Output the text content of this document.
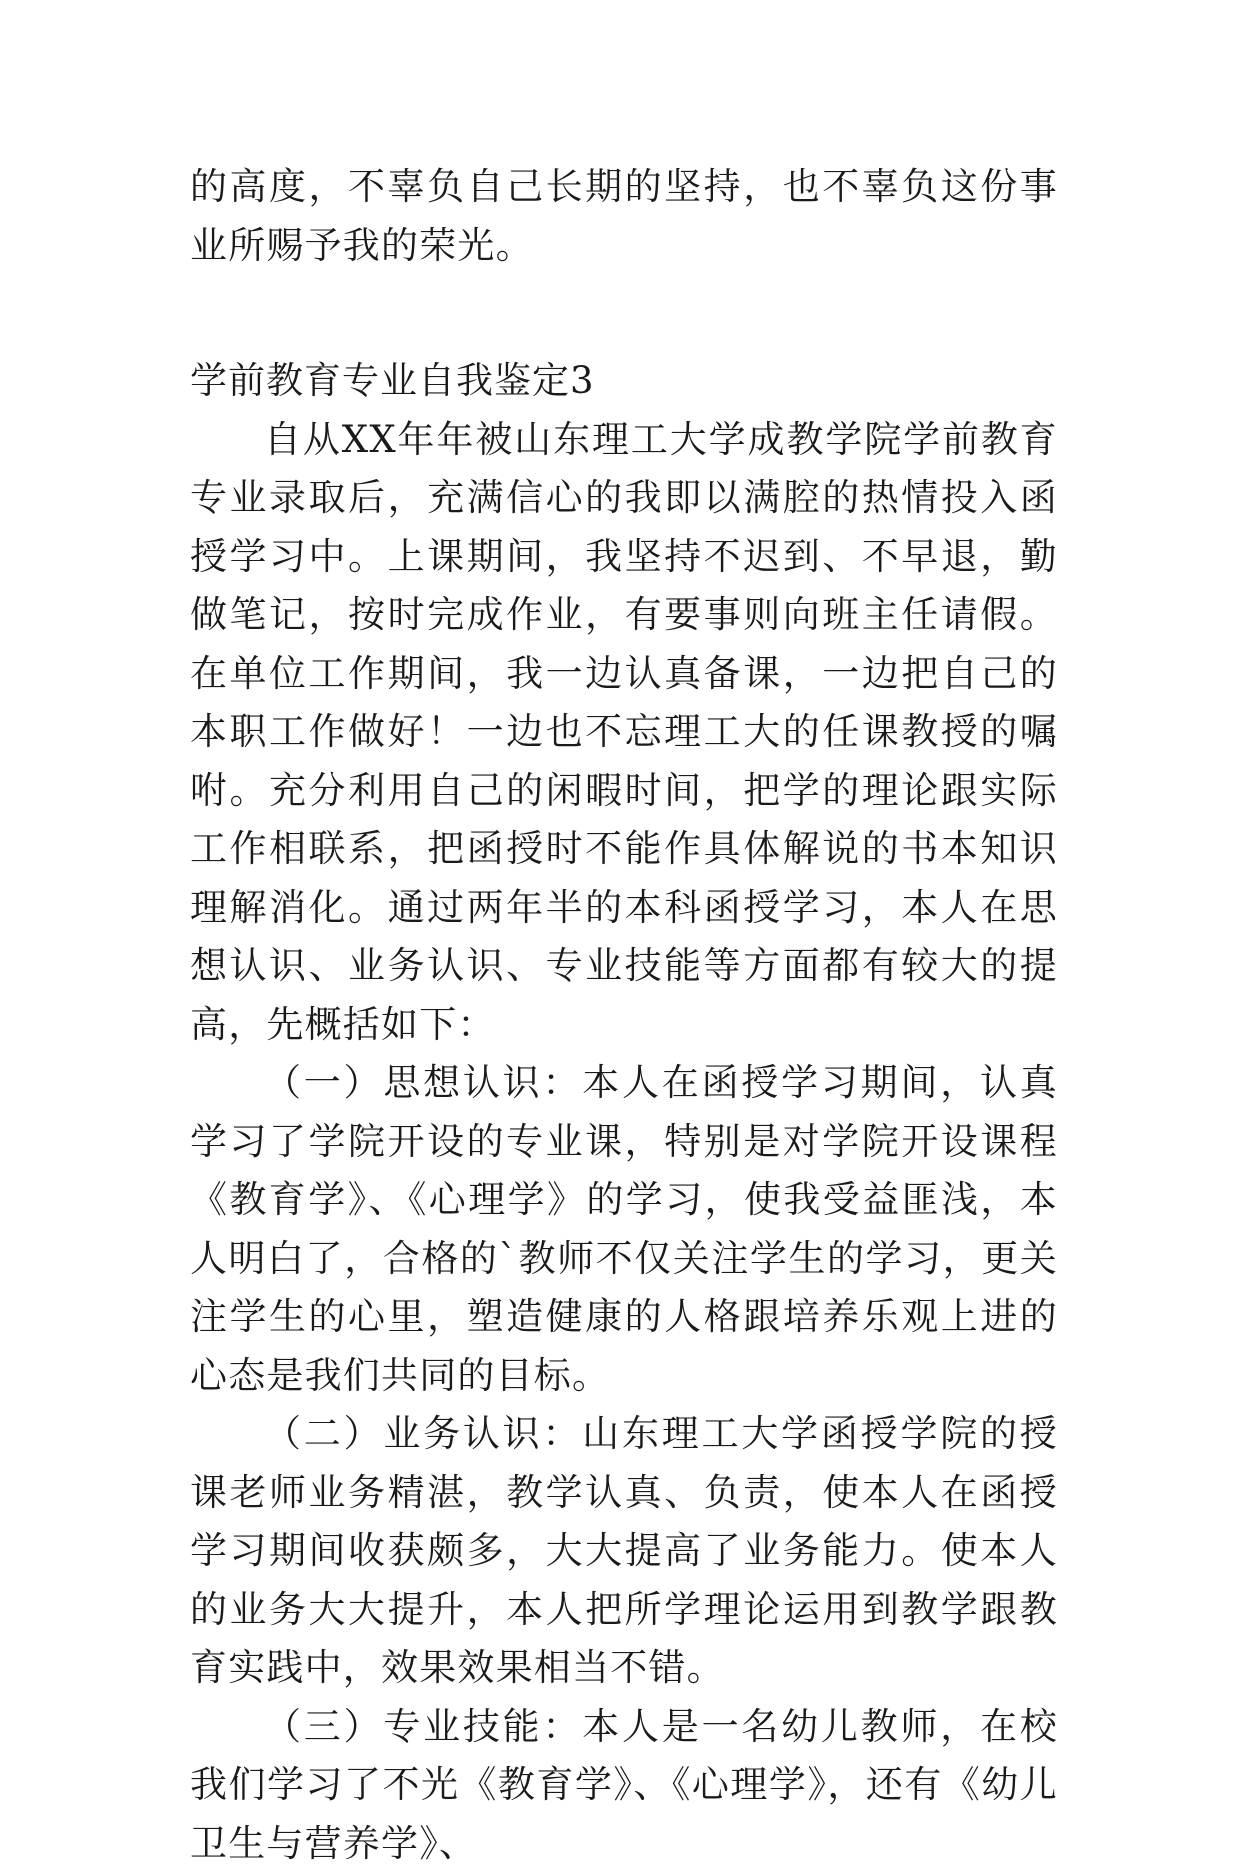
的高度，不辜负自己长期的坚持，也不辜负这份事业所赐予我的荣光。

学前教育专业自我鉴定3

自从XX年年被山东理工大学成教学院学前教育专业录取后，充满信心的我即以满腔的热情投入函授学习中。上课期间，我坚持不迟到、不早退，勤做笔记，按时完成作业，有要事则向班主任请假。在单位工作期间，我一边认真备课，一边把自己的本职工作做好！一边也不忘理工大的任课教授的嘱咐。充分利用自己的闲暇时间，把学的理论跟实际工作相联系，把函授时不能作具体解说的书本知识理解消化。通过两年半的本科函授学习，本人在思想认识、业务认识、专业技能等方面都有较大的提高，先概括如下：

（一）思想认识：本人在函授学习期间，认真学习了学院开设的专业课，特别是对学院开设课程《教育学》、《心理学》的学习，使我受益匪浅，本人明白了，合格的`教师不仅关注学生的学习，更关注学生的心里，塑造健康的人格跟培养乐观上进的心态是我们共同的目标。

（二）业务认识：山东理工大学函授学院的授课老师业务精湛，教学认真、负责，使本人在函授学习期间收获颇多，大大提高了业务能力。使本人的业务大大提升，本人把所学理论运用到教学跟教育实践中，效果效果相当不错。

（三）专业技能：本人是一名幼儿教师，在校我们学习了不光《教育学》、《心理学》，还有《幼儿卫生与营养学》、
